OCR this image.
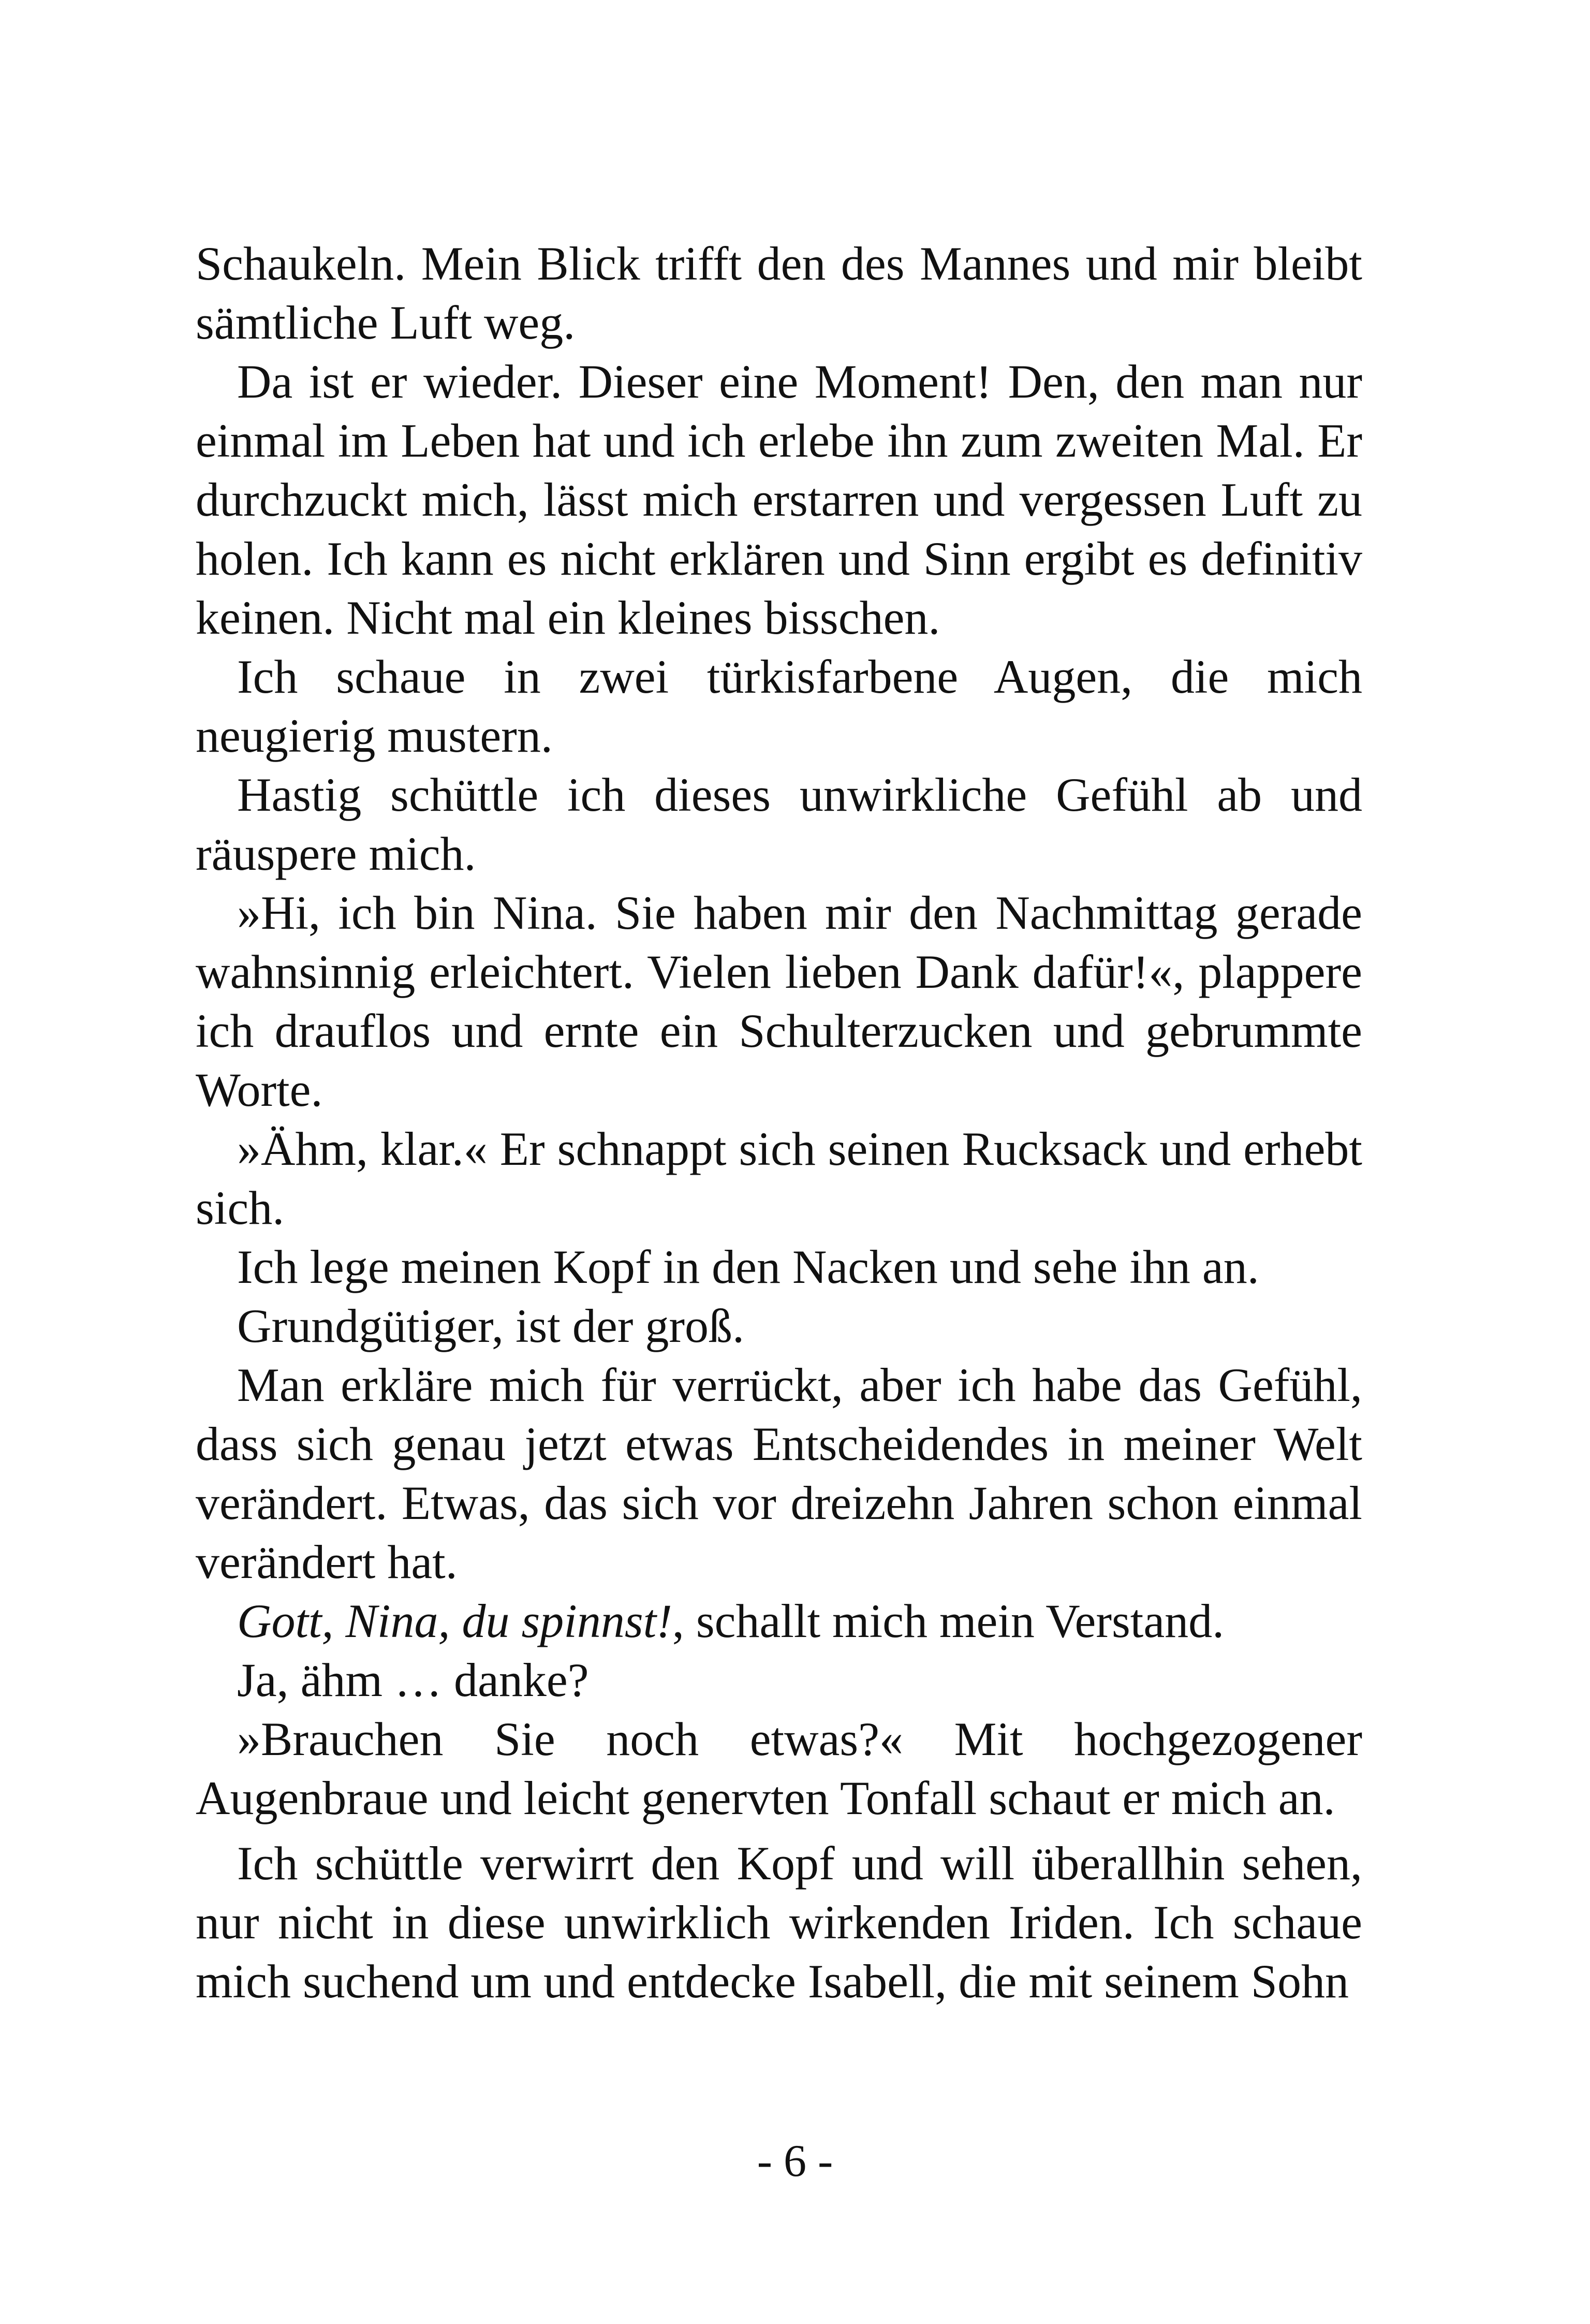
Schaukeln. Mein Blick trifft den des Mannes und mir bleibt sämtliche Luft weg.

Da ist er wieder. Dieser eine Moment! Den, den man nur einmal im Leben hat und ich erlebe ihn zum zweiten Mal. Er durchzuckt mich, lässt mich erstarren und vergessen Luft zu holen. Ich kann es nicht erklären und Sinn ergibt es definitiv keinen. Nicht mal ein kleines bisschen.

Ich schaue in zwei türkisfarbene Augen, die mich neugierig mustern.

Hastig schüttle ich dieses unwirkliche Gefühl ab und räuspere mich.

»Hi, ich bin Nina. Sie haben mir den Nachmittag gerade wahnsinnig erleichtert. Vielen lieben Dank dafür!«, plappere ich drauflos und ernte ein Schulterzucken und gebrummte Worte.

»Ähm, klar.« Er schnappt sich seinen Rucksack und erhebt sich.

Ich lege meinen Kopf in den Nacken und sehe ihn an.

Grundgütiger, ist der groß.

Man erkläre mich für verrückt, aber ich habe das Gefühl, dass sich genau jetzt etwas Entscheidendes in meiner Welt verändert. Etwas, das sich vor dreizehn Jahren schon einmal verändert hat.

Gott, Nina, du spinnst!, schallt mich mein Verstand.

Ja, ähm … danke?

»Brauchen Sie noch etwas?« Mit hochgezogener Augenbraue und leicht genervten Tonfall schaut er mich an.

Ich schüttle verwirrt den Kopf und will überallhin sehen, nur nicht in diese unwirklich wirkenden Iriden. Ich schaue mich suchend um und entdecke Isabell, die mit seinem Sohn

- 6 -
